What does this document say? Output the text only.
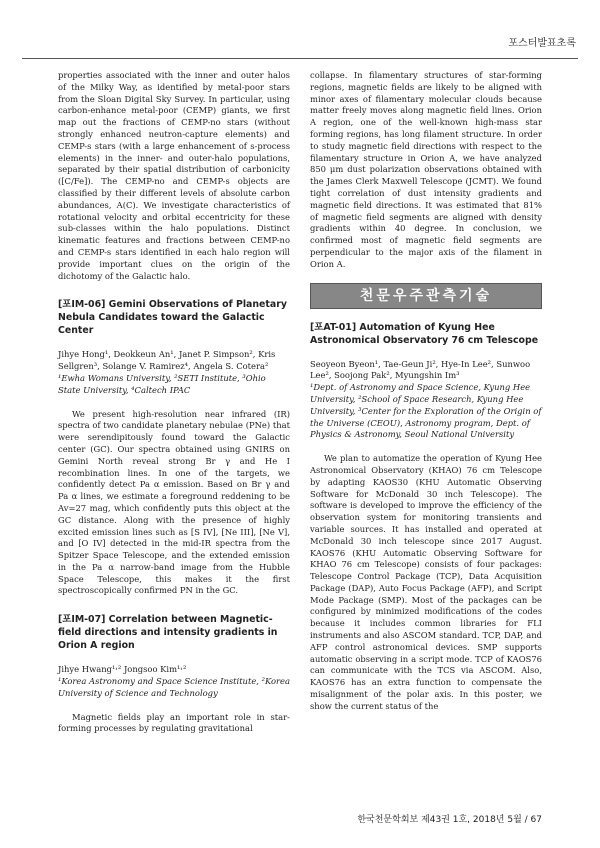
포스터발표초록

properties associated with the inner and outer halos of the Milky Way, as identified by metal-poor stars from the Sloan Digital Sky Survey. In particular, using carbon-enhance metal-poor (CEMP) giants, we first map out the fractions of CEMP-no stars (without strongly enhanced neutron-capture elements) and CEMP-s stars (with a large enhancement of s-process elements) in the inner- and outer-halo populations, separated by their spatial distribution of carbonicity ([C/Fe]). The CEMP-no and CEMP-s objects are classified by their different levels of absolute carbon abundances, A(C). We investigate characteristics of rotational velocity and orbital eccentricity for these sub-classes within the halo populations. Distinct kinematic features and fractions between CEMP-no and CEMP-s stars identified in each halo region will provide important clues on the origin of the dichotomy of the Galactic halo.

[포IM-06] Gemini Observations of Planetary Nebula Candidates toward the Galactic Center

Jihye Hong¹, Deokkeun An¹, Janet P. Simpson², Kris Sellgren³, Solange V. Ramirez⁴, Angela S. Cotera²

¹Ewha Womans University, ²SETI Institute, ³Ohio State University, ⁴Caltech IPAC

We present high-resolution near infrared (IR) spectra of two candidate planetary nebulae (PNe) that were serendipitously found toward the Galactic center (GC). Our spectra obtained using GNIRS on Gemini North reveal strong Br γ and He I recombination lines. In one of the targets, we confidently detect Pa α emission. Based on Br γ and Pa α lines, we estimate a foreground reddening to be Av=27 mag, which confidently puts this object at the GC distance. Along with the presence of highly excited emission lines such as [S IV], [Ne III], [Ne V], and [O IV] detected in the mid-IR spectra from the Spitzer Space Telescope, and the extended emission in the Pa α narrow-band image from the Hubble Space Telescope, this makes it the first spectroscopically confirmed PN in the GC.

[포IM-07] Correlation between Magnetic-field directions and intensity gradients in Orion A region

Jihye Hwang¹˒² Jongsoo Kim¹˒²

¹Korea Astronomy and Space Science Institute, ²Korea University of Science and Technology

Magnetic fields play an important role in star-forming processes by regulating gravitational

collapse. In filamentary structures of star-forming regions, magnetic fields are likely to be aligned with minor axes of filamentary molecular clouds because matter freely moves along magnetic field lines. Orion A region, one of the well-known high-mass star forming regions, has long filament structure. In order to study magnetic field directions with respect to the filamentary structure in Orion A, we have analyzed 850 μm dust polarization observations obtained with the James Clerk Maxwell Telescope (JCMT). We found tight correlation of dust intensity gradients and magnetic field directions. It was estimated that 81% of magnetic field segments are aligned with density gradients within 40 degree. In conclusion, we confirmed most of magnetic field segments are perpendicular to the major axis of the filament in Orion A.

천문우주관측기술

[포AT-01] Automation of Kyung Hee Astronomical Observatory 76 cm Telescope

Seoyeon Byeon¹, Tae-Geun Ji², Hye-In Lee², Sunwoo Lee², Soojong Pak², Myungshin Im³

¹Dept. of Astronomy and Space Science, Kyung Hee University, ²School of Space Research, Kyung Hee University, ³Center for the Exploration of the Origin of the Universe (CEOU), Astronomy program, Dept. of Physics & Astronomy, Seoul National University

We plan to automatize the operation of Kyung Hee Astronomical Observatory (KHAO) 76 cm Telescope by adapting KAOS30 (KHU Automatic Observing Software for McDonald 30 inch Telescope). The software is developed to improve the efficiency of the observation system for monitoring transients and variable sources. It has installed and operated at McDonald 30 inch telescope since 2017 August. KAOS76 (KHU Automatic Observing Software for KHAO 76 cm Telescope) consists of four packages: Telescope Control Package (TCP), Data Acquisition Package (DAP), Auto Focus Package (AFP), and Script Mode Package (SMP). Most of the packages can be configured by minimized modifications of the codes because it includes common libraries for FLI instruments and also ASCOM standard. TCP, DAP, and AFP control astronomical devices. SMP supports automatic observing in a script mode. TCP of KAOS76 can communicate with the TCS via ASCOM. Also, KAOS76 has an extra function to compensate the misalignment of the polar axis. In this poster, we show the current status of the

한국천문학회보 제43권 1호, 2018년 5월 / 67
